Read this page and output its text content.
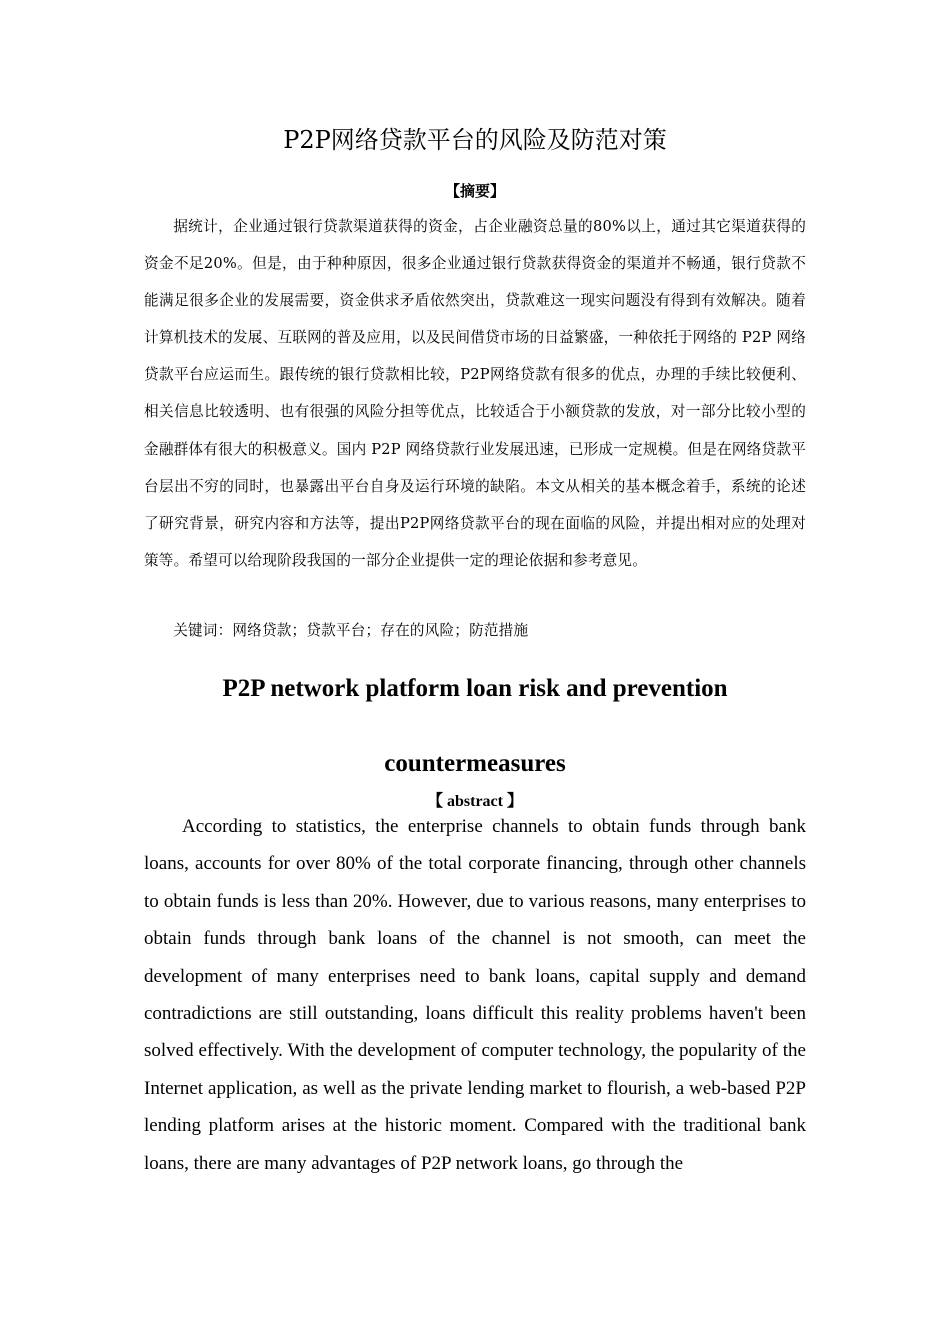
P2P网络贷款平台的风险及防范对策
【摘要】

据统计，企业通过银行贷款渠道获得的资金，占企业融资总量的80%以上，通过其它渠道获得的资金不足20%。但是，由于种种原因，很多企业通过银行贷款获得资金的渠道并不畅通，银行贷款不能满足很多企业的发展需要，资金供求矛盾依然突出，贷款难这一现实问题没有得到有效解决。随着计算机技术的发展、互联网的普及应用，以及民间借贷市场的日益繁盛，一种依托于网络的 P2P 网络贷款平台应运而生。跟传统的银行贷款相比较，P2P网络贷款有很多的优点，办理的手续比较便利、相关信息比较透明、也有很强的风险分担等优点，比较适合于小额贷款的发放，对一部分比较小型的金融群体有很大的积极意义。国内 P2P 网络贷款行业发展迅速，已形成一定规模。但是在网络贷款平台层出不穷的同时，也暴露出平台自身及运行环境的缺陷。本文从相关的基本概念着手，系统的论述了研究背景，研究内容和方法等，提出P2P网络贷款平台的现在面临的风险，并提出相对应的处理对策等。希望可以给现阶段我国的一部分企业提供一定的理论依据和参考意见。

关键词：网络贷款；贷款平台；存在的风险；防范措施

P2P network platform loan risk and prevention countermeasures
【 abstract 】

According to statistics, the enterprise channels to obtain funds through bank loans, accounts for over 80% of the total corporate financing, through other channels to obtain funds is less than 20%. However, due to various reasons, many enterprises to obtain funds through bank loans of the channel is not smooth, can meet the development of many enterprises need to bank loans, capital supply and demand contradictions are still outstanding, loans difficult this reality problems haven't been solved effectively. With the development of computer technology, the popularity of the Internet application, as well as the private lending market to flourish, a web-based P2P lending platform arises at the historic moment. Compared with the traditional bank loans, there are many advantages of P2P network loans, go through the
